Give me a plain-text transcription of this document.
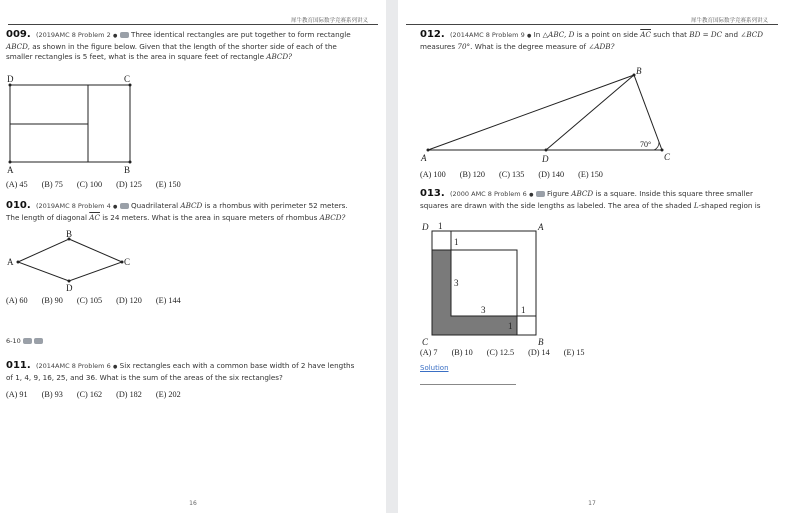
犀牛教育国际数学竞赛系列讲义
009. (2019AMC 8 Problem 2 ● Three identical rectangles are put together to form rectangle ABCD, as shown in the figure below. Given that the length of the shorter side of each of the smaller rectangles is 5 feet, what is the area in square feet of rectangle ABCD?
D	C
A	B
(A) 45 (B) 75 (C) 100 (D) 125 (E) 150
010. (2019AMC 8 Problem 4 ● Quadrilateral ABCD is a rhombus with perimeter 52 meters. The length of diagonal $\overline{AC}$ is 24 meters. What is the area in square meters of rhombus ABCD?
B
A	C
D
(A) 60 (B) 90 (C) 105 (D) 120 (E) 144
6-10
011. (2014AMC 8 Problem 6 ● Six rectangles each with a common base width of 2 have lengths of 1, 4, 9, 16, 25, and 36. What is the sum of the areas of the six rectangles?
(A) 91 (B) 93 (C) 162 (D) 182 (E) 202
16
犀牛教育国际数学竞赛系列讲义
012. (2014AMC 8 Problem 9 ● In △ABC, D is a point on side $\overline{AC}$ such that BD = DC and ∠BCD measures 70°. What is the degree measure of ∠ADB?
B
A	D	C
70°
(A) 100 (B) 120 (C) 135 (D) 140 (E) 150
013. (2000 AMC 8 Problem 6 ● Figure ABCD is a square. Inside this square three smaller squares are drawn with the side lengths as labeled. The area of the shaded L-shaped region is
D	A
C	B
1
1
3
3	1
1
(A) 7 (B) 10 (C) 12.5 (D) 14 (E) 15
Solution
17
